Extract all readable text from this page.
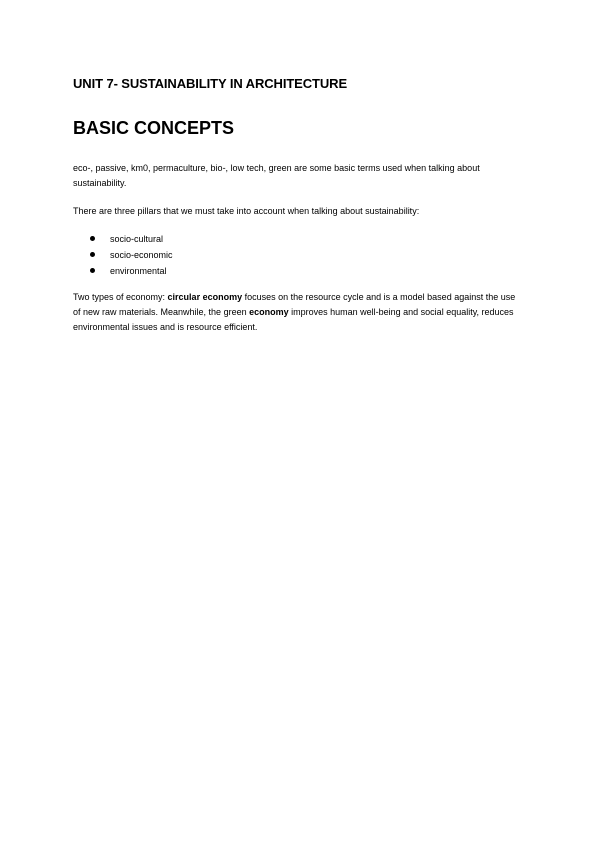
UNIT 7- SUSTAINABILITY IN ARCHITECTURE
BASIC CONCEPTS

eco-, passive, km0, permaculture, bio-, low tech, green are some basic terms used when talking about sustainability.

There are three pillars that we must take into account when talking about sustainability:

socio-cultural
socio-economic
environmental

Two types of economy: circular economy focuses on the resource cycle and is a model based against the use of new raw materials. Meanwhile, the green economy improves human well-being and social equality, reduces environmental issues and is resource efficient.
